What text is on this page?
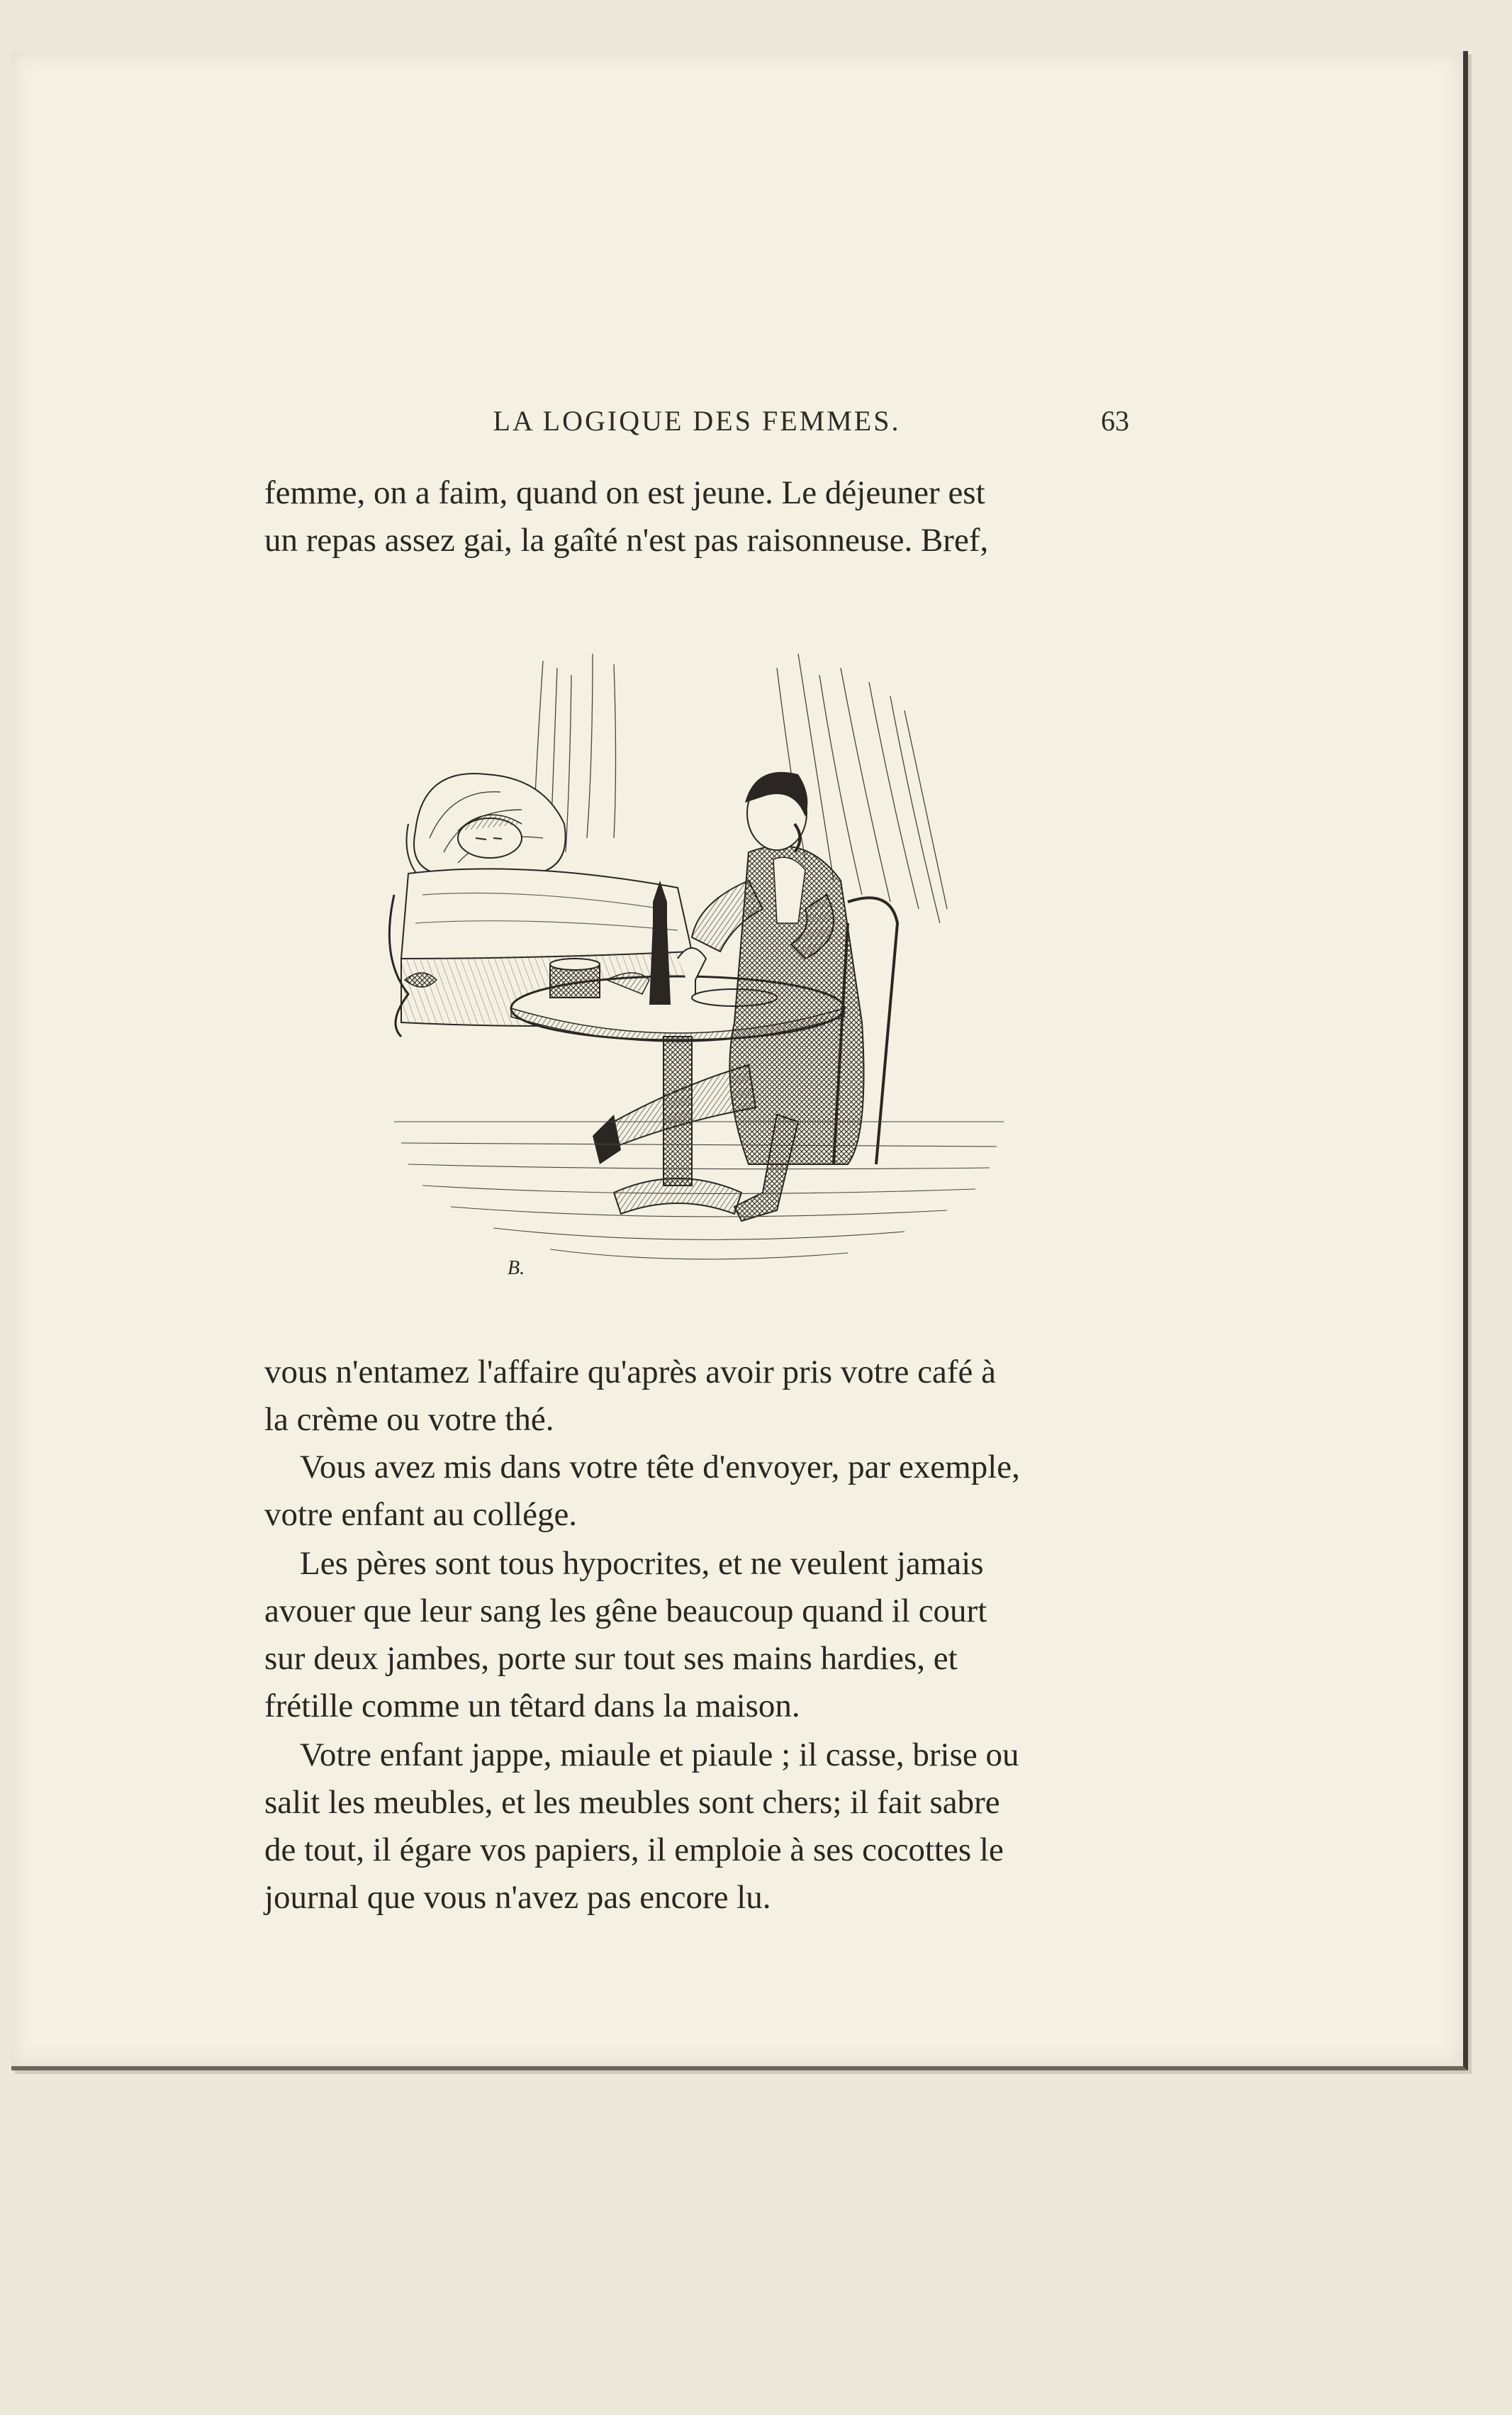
LA LOGIQUE DES FEMMES.	63
femme, on a faim, quand on est jeune. Le déjeuner est
un repas assez gai, la gaîté n'est pas raisonneuse. Bref,
B.
vous n'entamez l'affaire qu'après avoir pris votre café à
la crème ou votre thé.
Vous avez mis dans votre tête d'envoyer, par exemple,
votre enfant au collége.
Les pères sont tous hypocrites, et ne veulent jamais
avouer que leur sang les gêne beaucoup quand il court
sur deux jambes, porte sur tout ses mains hardies, et
frétille comme un têtard dans la maison.
Votre enfant jappe, miaule et piaule ; il casse, brise ou
salit les meubles, et les meubles sont chers; il fait sabre
de tout, il égare vos papiers, il emploie à ses cocottes le
journal que vous n'avez pas encore lu.
